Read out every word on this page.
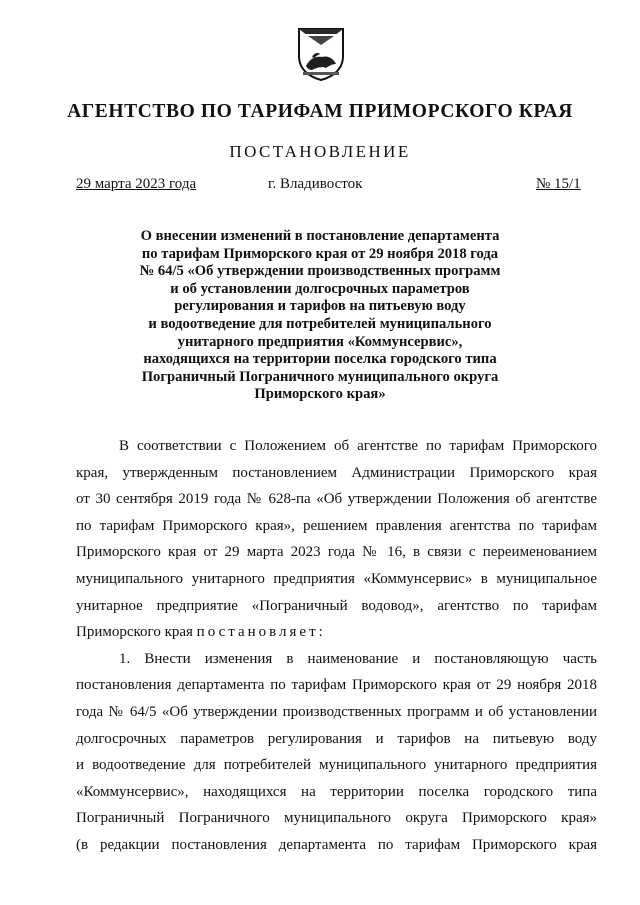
АГЕНТСТВО ПО ТАРИФАМ ПРИМОРСКОГО КРАЯ
ПОСТАНОВЛЕНИЕ
29 марта 2023 года	г. Владивосток	№ 15/1
О внесении изменений в постановление департамента
по тарифам Приморского края от 29 ноября 2018 года
№ 64/5 «Об утверждении производственных программ
и об установлении долгосрочных параметров
регулирования и тарифов на питьевую воду
и водоотведение для потребителей муниципального
унитарного предприятия «Коммунсервис»,
находящихся на территории поселка городского типа
Пограничный Пограничного муниципального округа
Приморского края»
В соответствии с Положением об агентстве по тарифам Приморского
края, утвержденным постановлением Администрации Приморского края
от 30 сентября 2019 года № 628-па «Об утверждении Положения об агентстве
по тарифам Приморского края», решением правления агентства по тарифам
Приморского края от 29 марта 2023 года № 16, в связи с переименованием
муниципального унитарного предприятия «Коммунсервис» в муниципальное
унитарное предприятие «Пограничный водовод», агентство по тарифам
Приморского края постановляет:
1. Внести изменения в наименование и постановляющую часть
постановления департамента по тарифам Приморского края от 29 ноября 2018
года № 64/5 «Об утверждении производственных программ и об установлении
долгосрочных параметров регулирования и тарифов на питьевую воду
и водоотведение для потребителей муниципального унитарного предприятия
«Коммунсервис», находящихся на территории поселка городского типа
Пограничный Пограничного муниципального округа Приморского края»
(в редакции постановления департамента по тарифам Приморского края
